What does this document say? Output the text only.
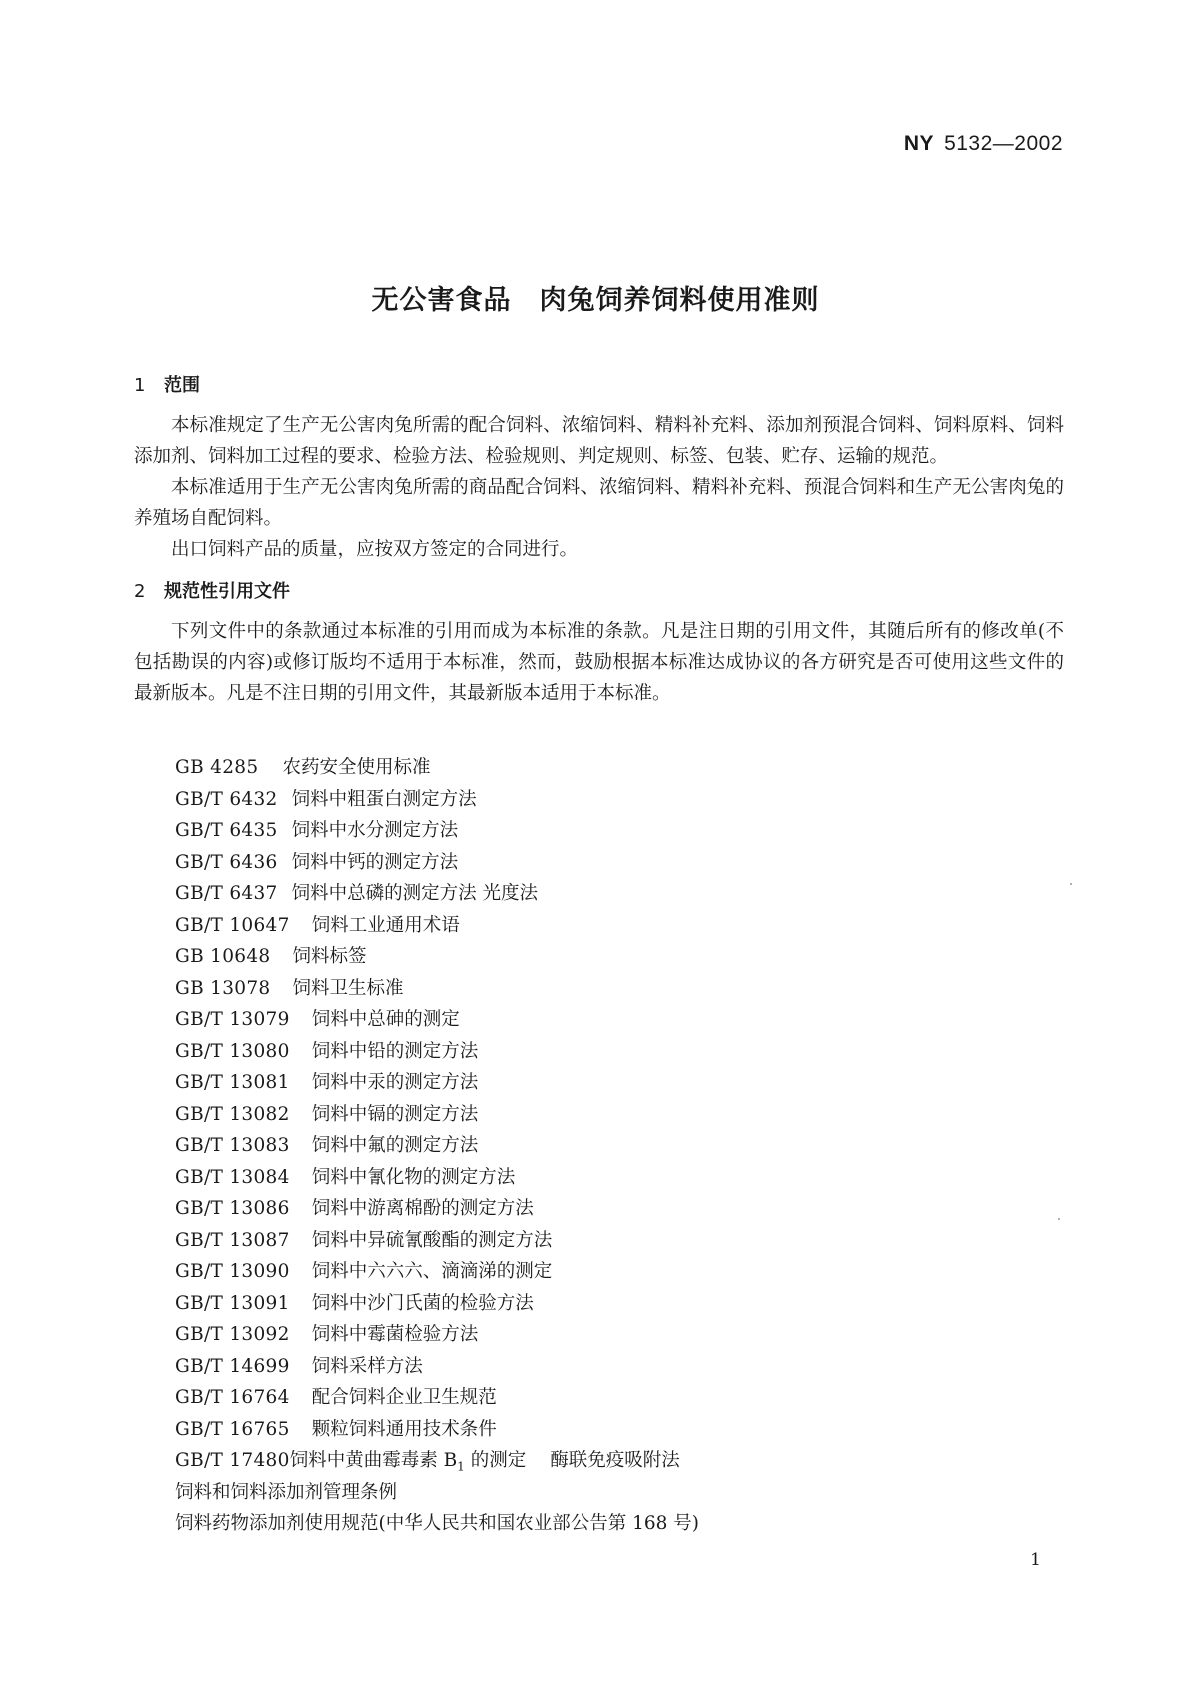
NY 5132—2002
无公害食品　肉兔饲养饲料使用准则
1 范围

本标准规定了生产无公害肉兔所需的配合饲料、浓缩饲料、精料补充料、添加剂预混合饲料、饲料原料、饲料添加剂、饲料加工过程的要求、检验方法、检验规则、判定规则、标签、包装、贮存、运输的规范。

本标准适用于生产无公害肉兔所需的商品配合饲料、浓缩饲料、精料补充料、预混合饲料和生产无公害肉兔的养殖场自配饲料。

出口饲料产品的质量，应按双方签定的合同进行。

2 规范性引用文件

下列文件中的条款通过本标准的引用而成为本标准的条款。凡是注日期的引用文件，其随后所有的修改单(不包括勘误的内容)或修订版均不适用于本标准，然而，鼓励根据本标准达成协议的各方研究是否可使用这些文件的最新版本。凡是不注日期的引用文件，其最新版本适用于本标准。

GB 4285 农药安全使用标准
GB/T 6432 饲料中粗蛋白测定方法
GB/T 6435 饲料中水分测定方法
GB/T 6436 饲料中钙的测定方法
GB/T 6437 饲料中总磷的测定方法 光度法
GB/T 10647 饲料工业通用术语
GB 10648 饲料标签
GB 13078 饲料卫生标准
GB/T 13079 饲料中总砷的测定
GB/T 13080 饲料中铅的测定方法
GB/T 13081 饲料中汞的测定方法
GB/T 13082 饲料中镉的测定方法
GB/T 13083 饲料中氟的测定方法
GB/T 13084 饲料中氰化物的测定方法
GB/T 13086 饲料中游离棉酚的测定方法
GB/T 13087 饲料中异硫氰酸酯的测定方法
GB/T 13090 饲料中六六六、滴滴涕的测定
GB/T 13091 饲料中沙门氏菌的检验方法
GB/T 13092 饲料中霉菌检验方法
GB/T 14699 饲料采样方法
GB/T 16764 配合饲料企业卫生规范
GB/T 16765 颗粒饲料通用技术条件
GB/T 17480饲料中黄曲霉毒素 $B_1$ 的测定 酶联免疫吸附法
饲料和饲料添加剂管理条例
饲料药物添加剂使用规范(中华人民共和国农业部公告第 168 号)
1
